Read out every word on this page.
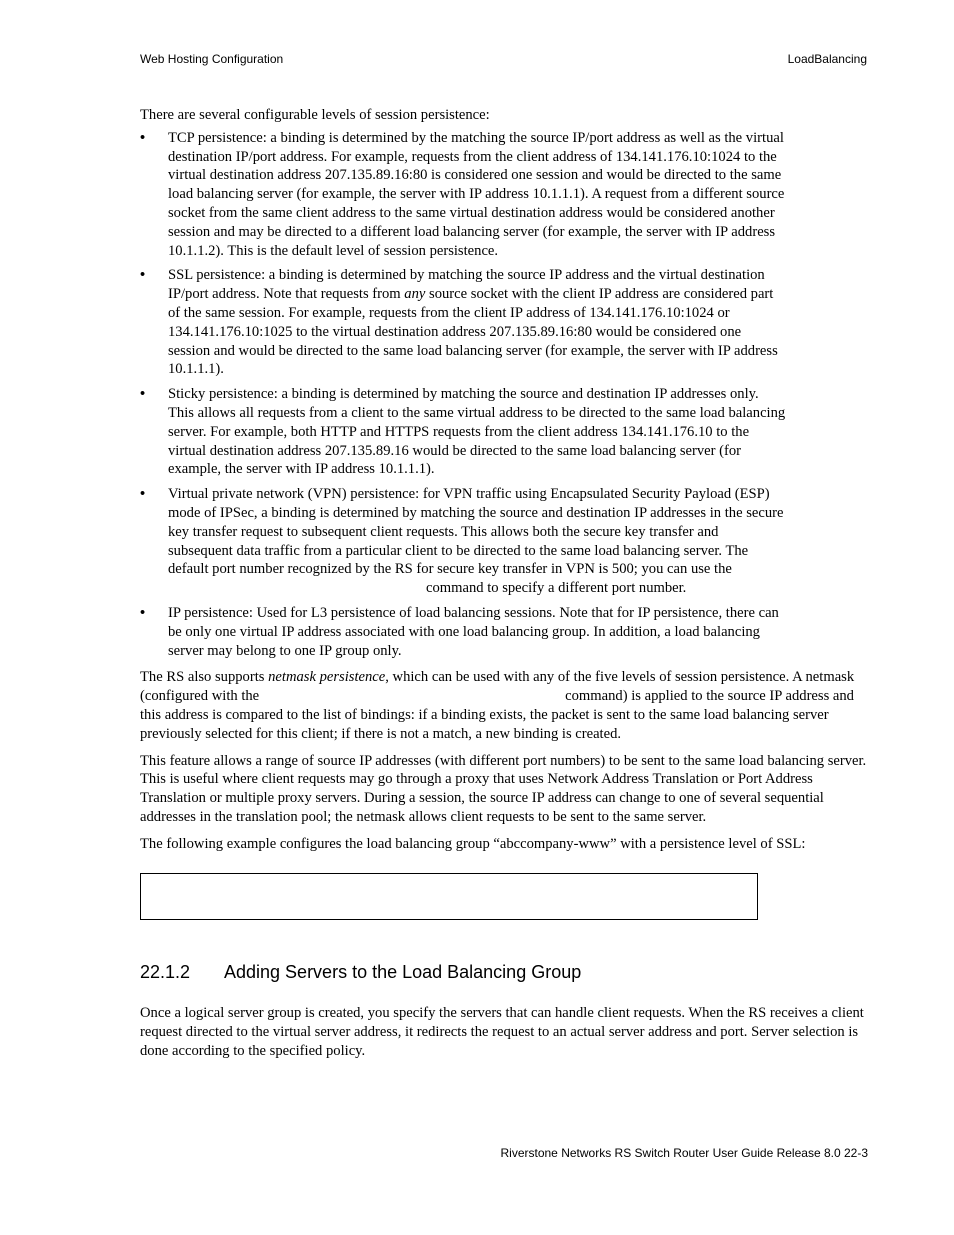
Web Hosting Configuration	LoadBalancing

There are several configurable levels of session persistence:

• TCP persistence: a binding is determined by the matching the source IP/port address as well as the virtual destination IP/port address. For example, requests from the client address of 134.141.176.10:1024 to the virtual destination address 207.135.89.16:80 is considered one session and would be directed to the same load balancing server (for example, the server with IP address 10.1.1.1). A request from a different source socket from the same client address to the same virtual destination address would be considered another session and may be directed to a different load balancing server (for example, the server with IP address 10.1.1.2). This is the default level of session persistence.
• SSL persistence: a binding is determined by matching the source IP address and the virtual destination IP/port address. Note that requests from any source socket with the client IP address are considered part of the same session. For example, requests from the client IP address of 134.141.176.10:1024 or 134.141.176.10:1025 to the virtual destination address 207.135.89.16:80 would be considered one session and would be directed to the same load balancing server (for example, the server with IP address 10.1.1.1).
• Sticky persistence: a binding is determined by matching the source and destination IP addresses only. This allows all requests from a client to the same virtual address to be directed to the same load balancing server. For example, both HTTP and HTTPS requests from the client address 134.141.176.10 to the virtual destination address 207.135.89.16 would be directed to the same load balancing server (for example, the server with IP address 10.1.1.1).
• Virtual private network (VPN) persistence: for VPN traffic using Encapsulated Security Payload (ESP) mode of IPSec, a binding is determined by matching the source and destination IP addresses in the secure key transfer request to subsequent client requests. This allows both the secure key transfer and subsequent data traffic from a particular client to be directed to the same load balancing server. The default port number recognized by the RS for secure key transfer in VPN is 500; you can use thecommand to specify a different port number.
• IP persistence: Used for L3 persistence of load balancing sessions. Note that for IP persistence, there can be only one virtual IP address associated with one load balancing group. In addition, a load balancing server may belong to one IP group only.

The RS also supports netmask persistence, which can be used with any of the five levels of session persistence. A netmask (configured with the	command) is applied to the source IP address and this address is compared to the list of bindings: if a binding exists, the packet is sent to the same load balancing server previously selected for this client; if there is not a match, a new binding is created.

This feature allows a range of source IP addresses (with different port numbers) to be sent to the same load balancing server. This is useful where client requests may go through a proxy that uses Network Address Translation or Port Address Translation or multiple proxy servers. During a session, the source IP address can change to one of several sequential addresses in the translation pool; the netmask allows client requests to be sent to the same server.

The following example configures the load balancing group “abccompany-www” with a persistence level of SSL:

22.1.2 Adding Servers to the Load Balancing Group

Once a logical server group is created, you specify the servers that can handle client requests. When the RS receives a client request directed to the virtual server address, it redirects the request to an actual server address and port. Server selection is done according to the specified policy.

Riverstone Networks RS Switch Router User Guide Release 8.0 22-3
